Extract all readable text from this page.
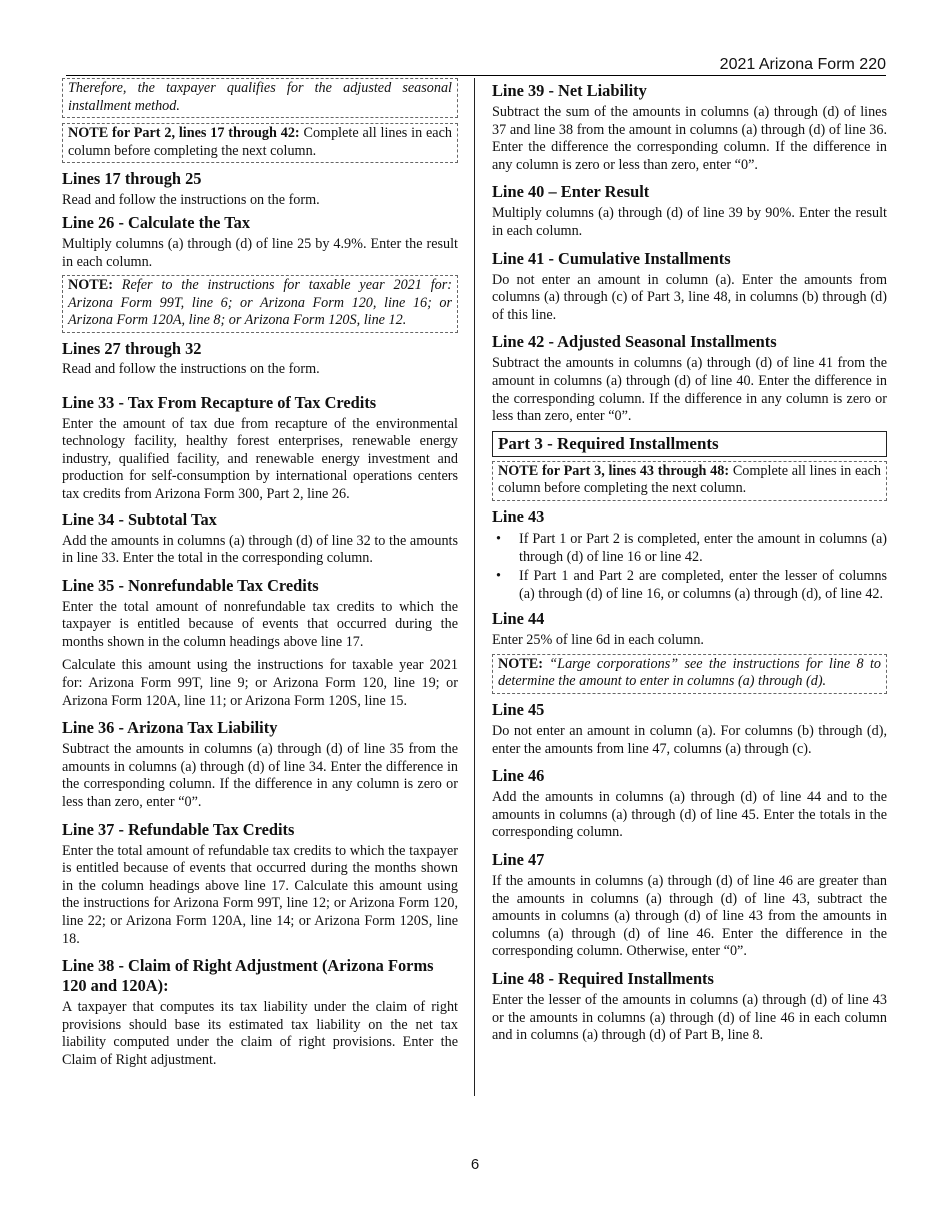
2021 Arizona Form 220
Therefore, the taxpayer qualifies for the adjusted seasonal installment method.
NOTE for Part 2, lines 17 through 42: Complete all lines in each column before completing the next column.
Lines 17 through 25

Read and follow the instructions on the form.

Line 26 - Calculate the Tax

Multiply columns (a) through (d) of line 25 by 4.9%. Enter the result in each column.

NOTE: Refer to the instructions for taxable year 2021 for: Arizona Form 99T, line 6; or Arizona Form 120, line 16; or Arizona Form 120A, line 8; or Arizona Form 120S, line 12.
Lines 27 through 32

Read and follow the instructions on the form.

Line 33 - Tax From Recapture of Tax Credits

Enter the amount of tax due from recapture of the environmental technology facility, healthy forest enterprises, renewable energy industry, qualified facility, and renewable energy investment and production for self-consumption by international operations centers tax credits from Arizona Form 300, Part 2, line 26.

Line 34 - Subtotal Tax

Add the amounts in columns (a) through (d) of line 32 to the amounts in line 33. Enter the total in the corresponding column.

Line 35 - Nonrefundable Tax Credits

Enter the total amount of nonrefundable tax credits to which the taxpayer is entitled because of events that occurred during the months shown in the column headings above line 17.

Calculate this amount using the instructions for taxable year 2021 for: Arizona Form 99T, line 9; or Arizona Form 120, line 19; or Arizona Form 120A, line 11; or Arizona Form 120S, line 15.

Line 36 - Arizona Tax Liability

Subtract the amounts in columns (a) through (d) of line 35 from the amounts in columns (a) through (d) of line 34. Enter the difference in the corresponding column. If the difference in any column is zero or less than zero, enter “0”.

Line 37 - Refundable Tax Credits

Enter the total amount of refundable tax credits to which the taxpayer is entitled because of events that occurred during the months shown in the column headings above line 17. Calculate this amount using the instructions for Arizona Form 99T, line 12; or Arizona Form 120, line 22; or Arizona Form 120A, line 14; or Arizona Form 120S, line 18.

Line 38 - Claim of Right Adjustment (Arizona Forms 120 and 120A):

A taxpayer that computes its tax liability under the claim of right provisions should base its estimated tax liability on the net tax liability computed under the claim of right provisions. Enter the Claim of Right adjustment.

Line 39 - Net Liability

Subtract the sum of the amounts in columns (a) through (d) of lines 37 and line 38 from the amount in columns (a) through (d) of line 36. Enter the difference the corresponding column. If the difference in any column is zero or less than zero, enter “0”.

Line 40 – Enter Result

Multiply columns (a) through (d) of line 39 by 90%. Enter the result in each column.

Line 41 - Cumulative Installments

Do not enter an amount in column (a). Enter the amounts from columns (a) through (c) of Part 3, line 48, in columns (b) through (d) of this line.

Line 42 - Adjusted Seasonal Installments

Subtract the amounts in columns (a) through (d) of line 41 from the amount in columns (a) through (d) of line 40. Enter the difference in the corresponding column. If the difference in any column is zero or less than zero, enter “0”.

Part 3 - Required Installments
NOTE for Part 3, lines 43 through 48: Complete all lines in each column before completing the next column.
Line 43
• If Part 1 or Part 2 is completed, enter the amount in columns (a) through (d) of line 16 or line 42.
• If Part 1 and Part 2 are completed, enter the lesser of columns (a) through (d) of line 16, or columns (a) through (d), of line 42.
Line 44

Enter 25% of line 6d in each column.

NOTE: “Large corporations” see the instructions for line 8 to determine the amount to enter in columns (a) through (d).
Line 45

Do not enter an amount in column (a). For columns (b) through (d), enter the amounts from line 47, columns (a) through (c).

Line 46

Add the amounts in columns (a) through (d) of line 44 and to the amounts in columns (a) through (d) of line 45. Enter the totals in the corresponding column.

Line 47

If the amounts in columns (a) through (d) of line 46 are greater than the amounts in columns (a) through (d) of line 43, subtract the amounts in columns (a) through (d) of line 43 from the amounts in columns (a) through (d) of line 46. Enter the difference in the corresponding column. Otherwise, enter “0”.

Line 48 - Required Installments

Enter the lesser of the amounts in columns (a) through (d) of line 43 or the amounts in columns (a) through (d) of line 46 in each column and in columns (a) through (d) of Part B, line 8.

6
